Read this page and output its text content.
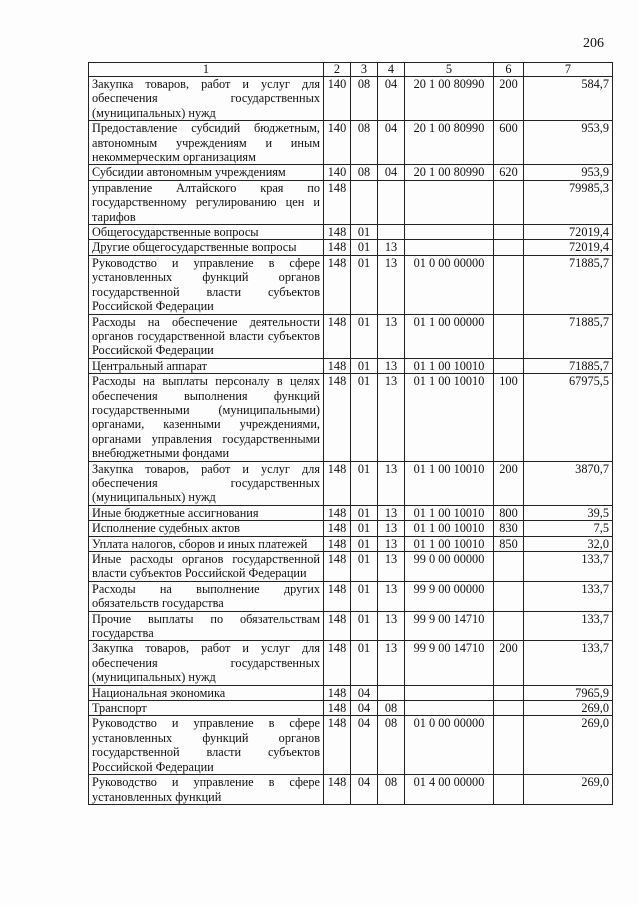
206
1	2	3	4	5	6	7
Закупка товаров, работ и услуг для обеспечения государственных (муниципальных) нужд	140	08	04	20 1 00 80990	200	584,7
Предоставление субсидий бюджетным, автономным учреждениям и иным некоммерческим организациям	140	08	04	20 1 00 80990	600	953,9
Субсидии автономным учреждениям	140	08	04	20 1 00 80990	620	953,9
управление Алтайского края по государственному регулированию цен и тарифов	148					79985,3
Общегосударственные вопросы	148	01				72019,4
Другие общегосударственные вопросы	148	01	13			72019,4
Руководство и управление в сфере установленных функций органов государственной власти субъектов Российской Федерации	148	01	13	01 0 00 00000		71885,7
Расходы на обеспечение деятельности органов государственной власти субъектов Российской Федерации	148	01	13	01 1 00 00000		71885,7
Центральный аппарат	148	01	13	01 1 00 10010		71885,7
Расходы на выплаты персоналу в целях обеспечения выполнения функций государственными (муниципальными) органами, казенными учреждениями, органами управления государственными внебюджетными фондами	148	01	13	01 1 00 10010	100	67975,5
Закупка товаров, работ и услуг для обеспечения государственных (муниципальных) нужд	148	01	13	01 1 00 10010	200	3870,7
Иные бюджетные ассигнования	148	01	13	01 1 00 10010	800	39,5
Исполнение судебных актов	148	01	13	01 1 00 10010	830	7,5
Уплата налогов, сборов и иных платежей	148	01	13	01 1 00 10010	850	32,0
Иные расходы органов государственной власти субъектов Российской Федерации	148	01	13	99 0 00 00000		133,7
Расходы на выполнение других обязательств государства	148	01	13	99 9 00 00000		133,7
Прочие выплаты по обязательствам государства	148	01	13	99 9 00 14710		133,7
Закупка товаров, работ и услуг для обеспечения государственных (муниципальных) нужд	148	01	13	99 9 00 14710	200	133,7
Национальная экономика	148	04				7965,9
Транспорт	148	04	08			269,0
Руководство и управление в сфере установленных функций органов государственной власти субъектов Российской Федерации	148	04	08	01 0 00 00000		269,0
Руководство и управление в сфере установленных функций	148	04	08	01 4 00 00000		269,0
